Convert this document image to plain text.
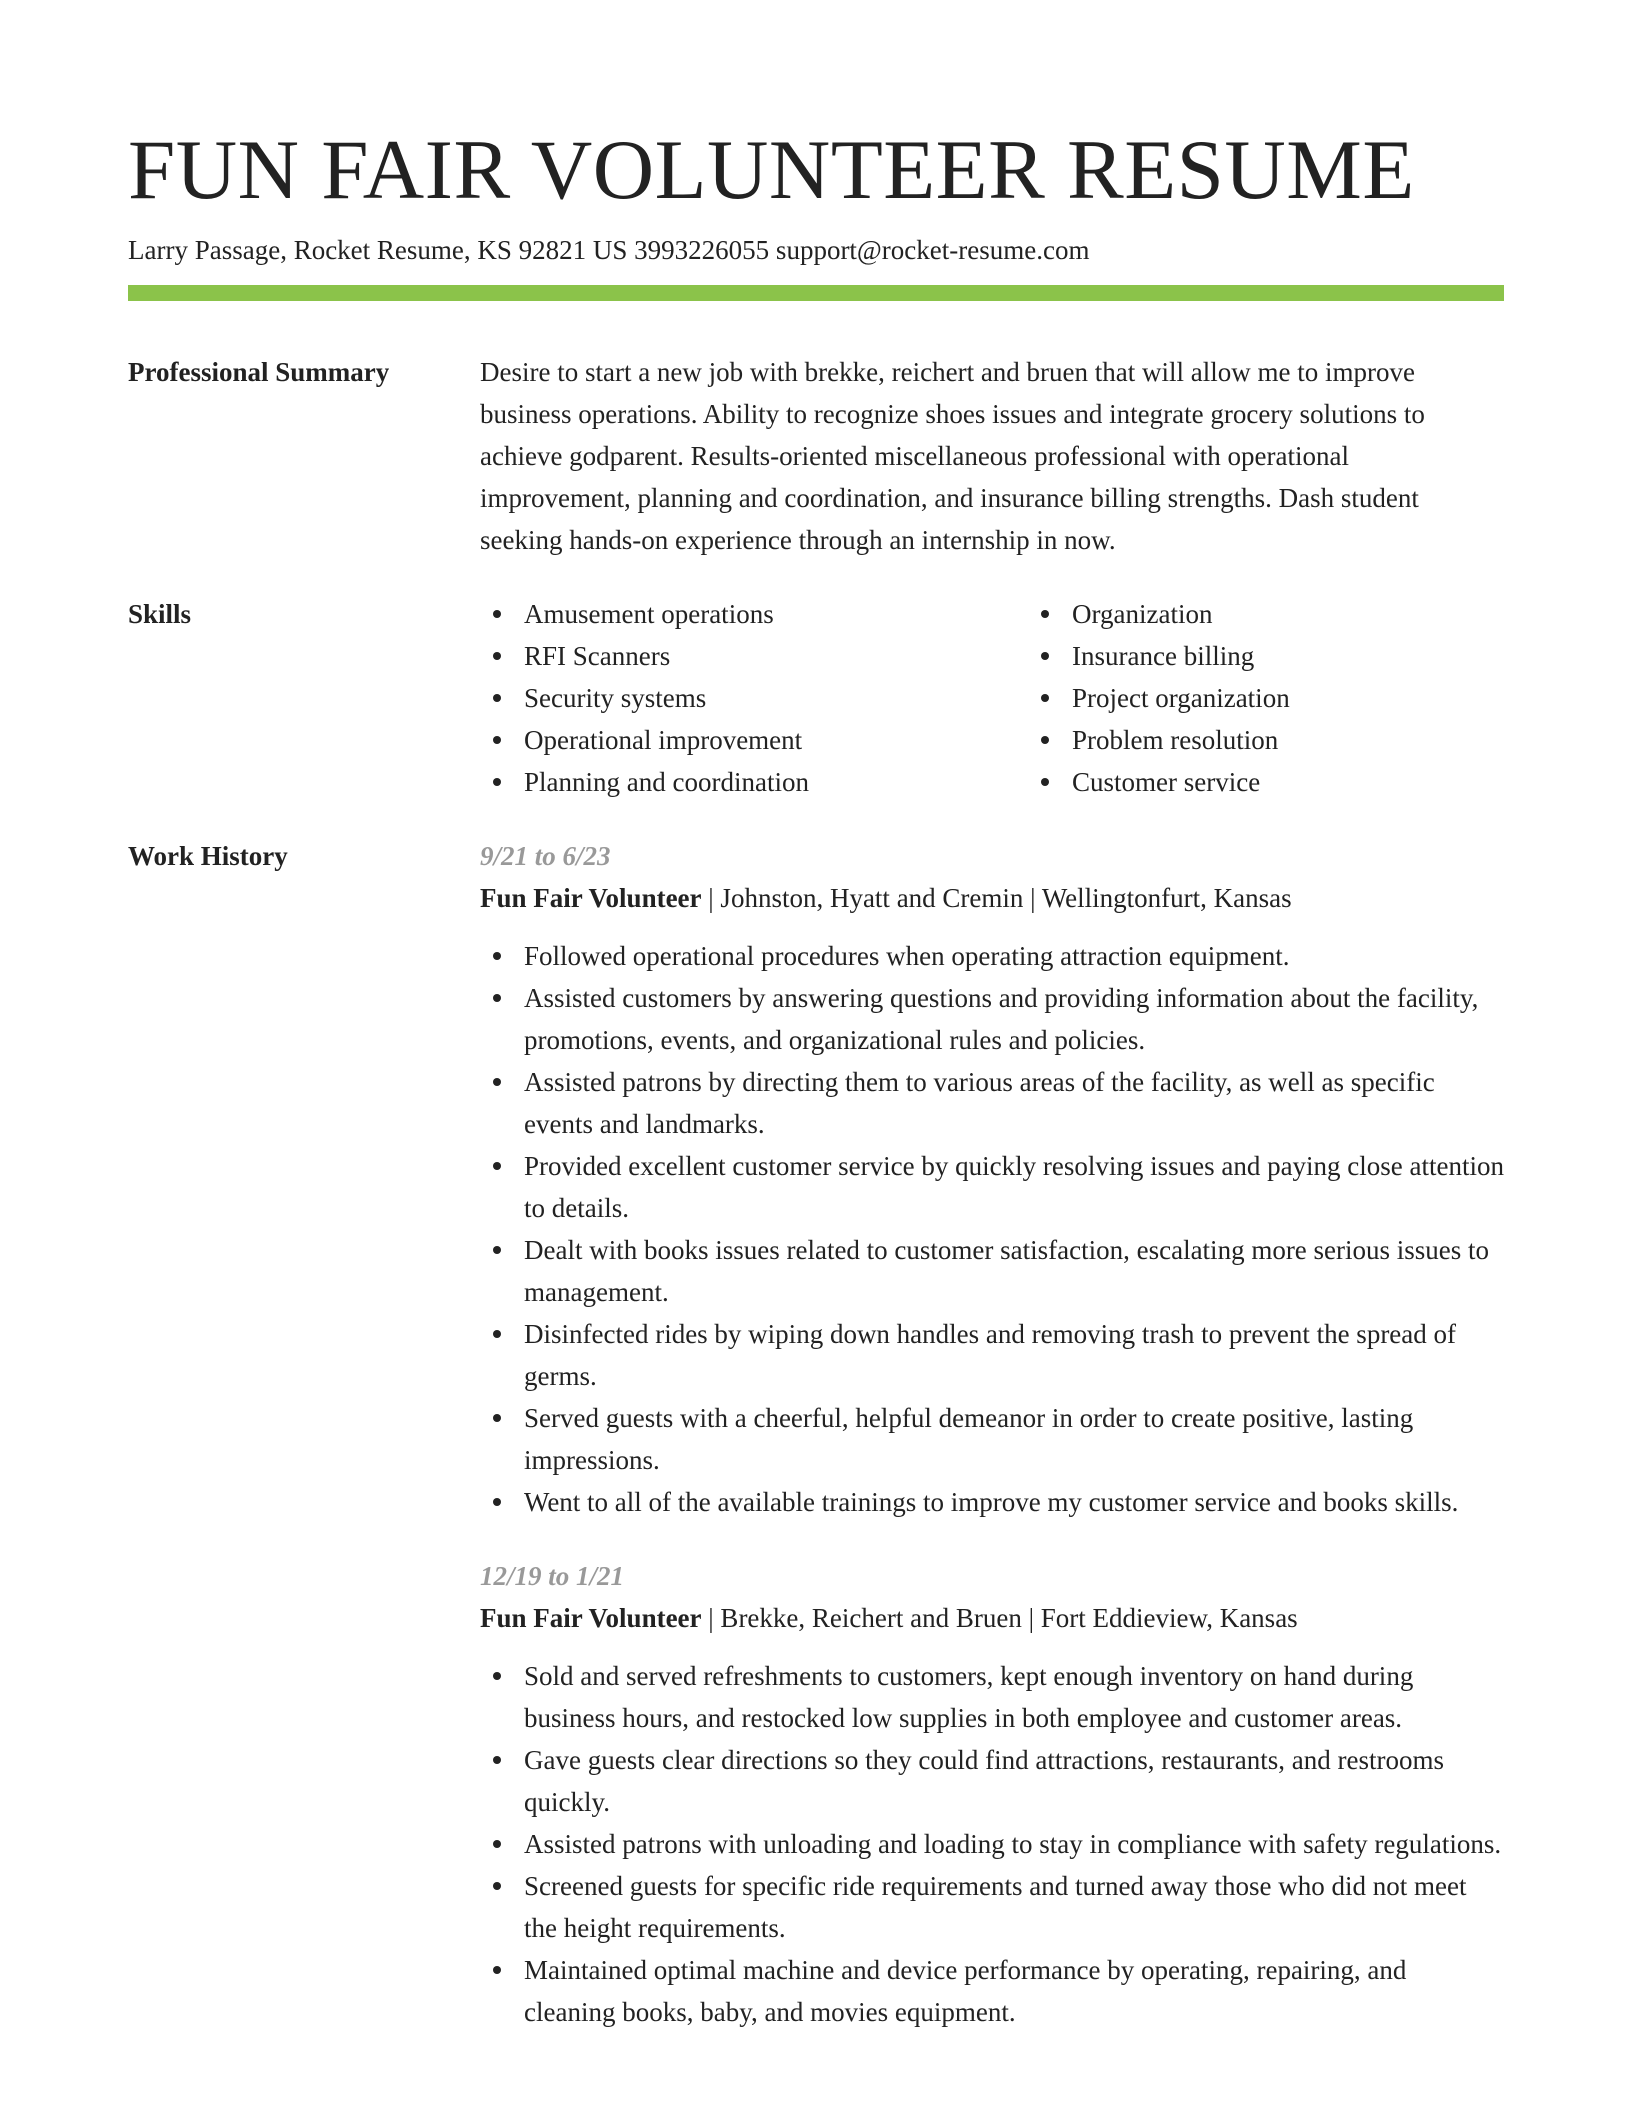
FUN FAIR VOLUNTEER RESUME
Larry Passage, Rocket Resume, KS 92821 US 3993226055 support@rocket-resume.com
Professional Summary	Desire to start a new job with brekke, reichert and bruen that will allow me to improve business operations. Ability to recognize shoes issues and integrate grocery solutions to achieve godparent. Results-oriented miscellaneous professional with operational improvement, planning and coordination, and insurance billing strengths. Dash student seeking hands-on experience through an internship in now.
Skills	Amusement operations
RFI Scanners
Security systems
Operational improvement
Planning and coordination
Organization
Insurance billing
Project organization
Problem resolution
Customer service
Work History	9/21 to 6/23
Fun Fair Volunteer | Johnston, Hyatt and Cremin | Wellingtonfurt, Kansas
Followed operational procedures when operating attraction equipment.
Assisted customers by answering questions and providing information about the facility, promotions, events, and organizational rules and policies.
Assisted patrons by directing them to various areas of the facility, as well as specific events and landmarks.
Provided excellent customer service by quickly resolving issues and paying close attention to details.
Dealt with books issues related to customer satisfaction, escalating more serious issues to management.
Disinfected rides by wiping down handles and removing trash to prevent the spread of germs.
Served guests with a cheerful, helpful demeanor in order to create positive, lasting impressions.
Went to all of the available trainings to improve my customer service and books skills.
12/19 to 1/21
Fun Fair Volunteer | Brekke, Reichert and Bruen | Fort Eddieview, Kansas
Sold and served refreshments to customers, kept enough inventory on hand during business hours, and restocked low supplies in both employee and customer areas.
Gave guests clear directions so they could find attractions, restaurants, and restrooms quickly.
Assisted patrons with unloading and loading to stay in compliance with safety regulations.
Screened guests for specific ride requirements and turned away those who did not meet the height requirements.
Maintained optimal machine and device performance by operating, repairing, and cleaning books, baby, and movies equipment.
